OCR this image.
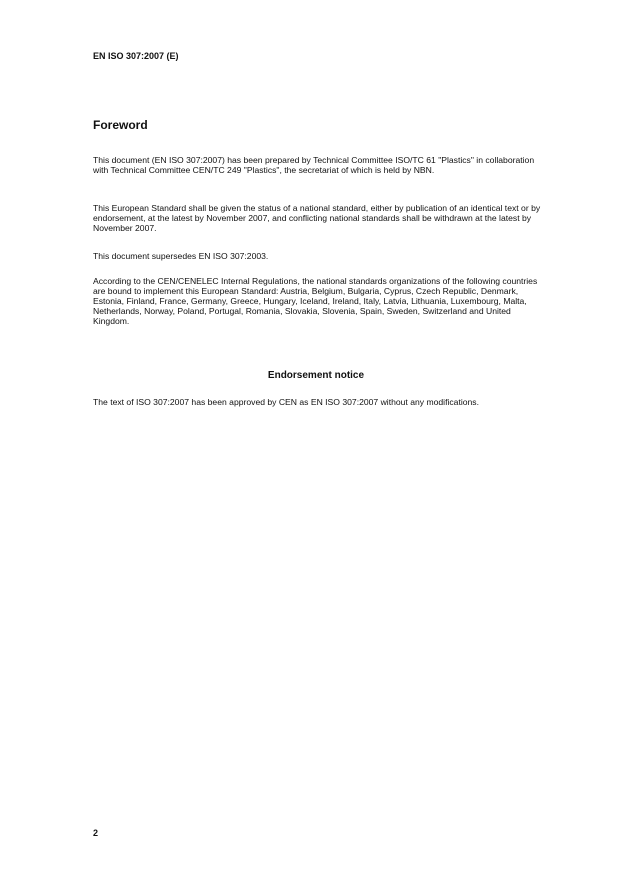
EN ISO 307:2007 (E)
Foreword

This document (EN ISO 307:2007) has been prepared by Technical Committee ISO/TC 61 "Plastics" in collaboration with Technical Committee CEN/TC 249 "Plastics", the secretariat of which is held by NBN.

This European Standard shall be given the status of a national standard, either by publication of an identical text or by endorsement, at the latest by November 2007, and conflicting national standards shall be withdrawn at the latest by November 2007.

This document supersedes EN ISO 307:2003.

According to the CEN/CENELEC Internal Regulations, the national standards organizations of the following countries are bound to implement this European Standard: Austria, Belgium, Bulgaria, Cyprus, Czech Republic, Denmark, Estonia, Finland, France, Germany, Greece, Hungary, Iceland, Ireland, Italy, Latvia, Lithuania, Luxembourg, Malta, Netherlands, Norway, Poland, Portugal, Romania, Slovakia, Slovenia, Spain, Sweden, Switzerland and United Kingdom.

Endorsement notice

The text of ISO 307:2007 has been approved by CEN as EN ISO 307:2007 without any modifications.

2
